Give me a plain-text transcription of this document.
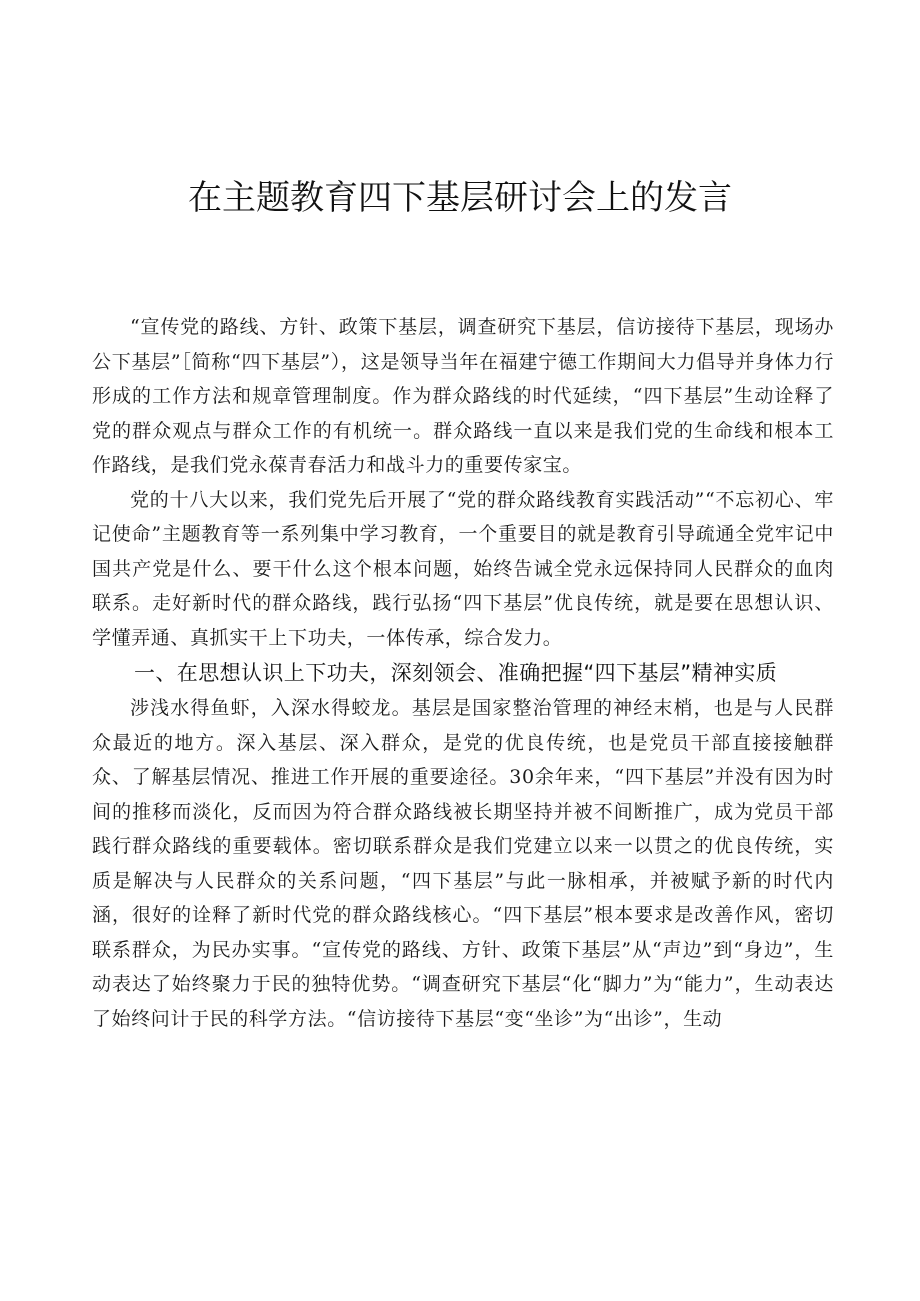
在主题教育四下基层研讨会上的发言

“宣传党的路线、方针、政策下基层，调查研究下基层，信访接待下基层，现场办公下基层”［简称“四下基层”），这是领导当年在福建宁德工作期间大力倡导并身体力行形成的工作方法和规章管理制度。作为群众路线的时代延续，“四下基层”生动诠释了党的群众观点与群众工作的有机统一。群众路线一直以来是我们党的生命线和根本工作路线，是我们党永葆青春活力和战斗力的重要传家宝。

党的十八大以来，我们党先后开展了“党的群众路线教育实践活动”“不忘初心、牢记使命”主题教育等一系列集中学习教育，一个重要目的就是教育引导疏通全党牢记中国共产党是什么、要干什么这个根本问题，始终告诫全党永远保持同人民群众的血肉联系。走好新时代的群众路线，践行弘扬“四下基层”优良传统，就是要在思想认识、学懂弄通、真抓实干上下功夫，一体传承，综合发力。

一、在思想认识上下功夫，深刻领会、准确把握“四下基层”精神实质

涉浅水得鱼虾，入深水得蛟龙。基层是国家整治管理的神经末梢，也是与人民群众最近的地方。深入基层、深入群众，是党的优良传统，也是党员干部直接接触群众、了解基层情况、推进工作开展的重要途径。30余年来，“四下基层”并没有因为时间的推移而淡化，反而因为符合群众路线被长期坚持并被不间断推广，成为党员干部践行群众路线的重要载体。密切联系群众是我们党建立以来一以贯之的优良传统，实质是解决与人民群众的关系问题，“四下基层”与此一脉相承，并被赋予新的时代内涵，很好的诠释了新时代党的群众路线核心。“四下基层”根本要求是改善作风，密切联系群众，为民办实事。“宣传党的路线、方针、政策下基层”从“声边”到“身边”，生动表达了始终聚力于民的独特优势。“调查研究下基层“化“脚力”为“能力”，生动表达了始终问计于民的科学方法。“信访接待下基层“变“坐诊”为“出诊”，生动
